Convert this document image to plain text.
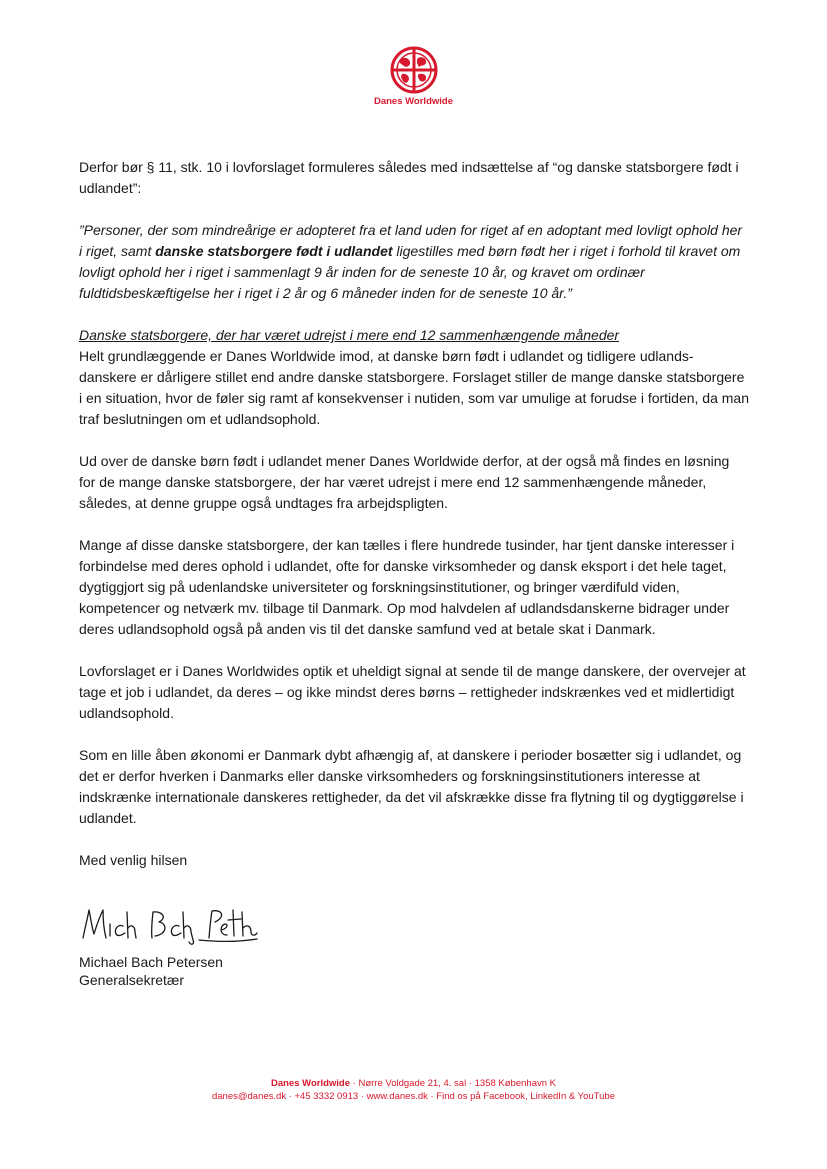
Danes Worldwide

Derfor bør § 11, stk. 10 i lovforslaget formuleres således med indsættelse af “og danske statsborgere født i udlandet”:

”Personer, der som mindreårige er adopteret fra et land uden for riget af en adoptant med lovligt ophold her i riget, samt danske statsborgere født i udlandet ligestilles med børn født her i riget i forhold til kravet om lovligt ophold her i riget i sammenlagt 9 år inden for de seneste 10 år, og kravet om ordinær fuldtidsbeskæftigelse her i riget i 2 år og 6 måneder inden for de seneste 10 år.”

Danske statsborgere, der har været udrejst i mere end 12 sammenhængende måneder

Helt grundlæggende er Danes Worldwide imod, at danske børn født i udlandet og tidligere udlands-danskere er dårligere stillet end andre danske statsborgere. Forslaget stiller de mange danske statsborgere i en situation, hvor de føler sig ramt af konsekvenser i nutiden, som var umulige at forudse i fortiden, da man traf beslutningen om et udlandsophold.

Ud over de danske børn født i udlandet mener Danes Worldwide derfor, at der også må findes en løsning for de mange danske statsborgere, der har været udrejst i mere end 12 sammenhængende måneder, således, at denne gruppe også undtages fra arbejdspligten.

Mange af disse danske statsborgere, der kan tælles i flere hundrede tusinder, har tjent danske interesser i forbindelse med deres ophold i udlandet, ofte for danske virksomheder og dansk eksport i det hele taget, dygtiggjort sig på udenlandske universiteter og forskningsinstitutioner, og bringer værdifuld viden, kompetencer og netværk mv. tilbage til Danmark. Op mod halvdelen af udlandsdanskerne bidrager under deres udlandsophold også på anden vis til det danske samfund ved at betale skat i Danmark.

Lovforslaget er i Danes Worldwides optik et uheldigt signal at sende til de mange danskere, der overvejer at tage et job i udlandet, da deres – og ikke mindst deres børns – rettigheder indskrænkes ved et midlertidigt udlandsophold.

Som en lille åben økonomi er Danmark dybt afhængig af, at danskere i perioder bosætter sig i udlandet, og det er derfor hverken i Danmarks eller danske virksomheders og forskningsinstitutioners interesse at indskrænke internationale danskeres rettigheder, da det vil afskrække disse fra flytning til og dygtiggørelse i udlandet.

Med venlig hilsen

Michael Bach Petersen
Generalsekretær
Danes Worldwide · Nørre Voldgade 21, 4. sal · 1358 København K
danes@danes.dk · +45 3332 0913 · www.danes.dk · Find os på Facebook, LinkedIn & YouTube
